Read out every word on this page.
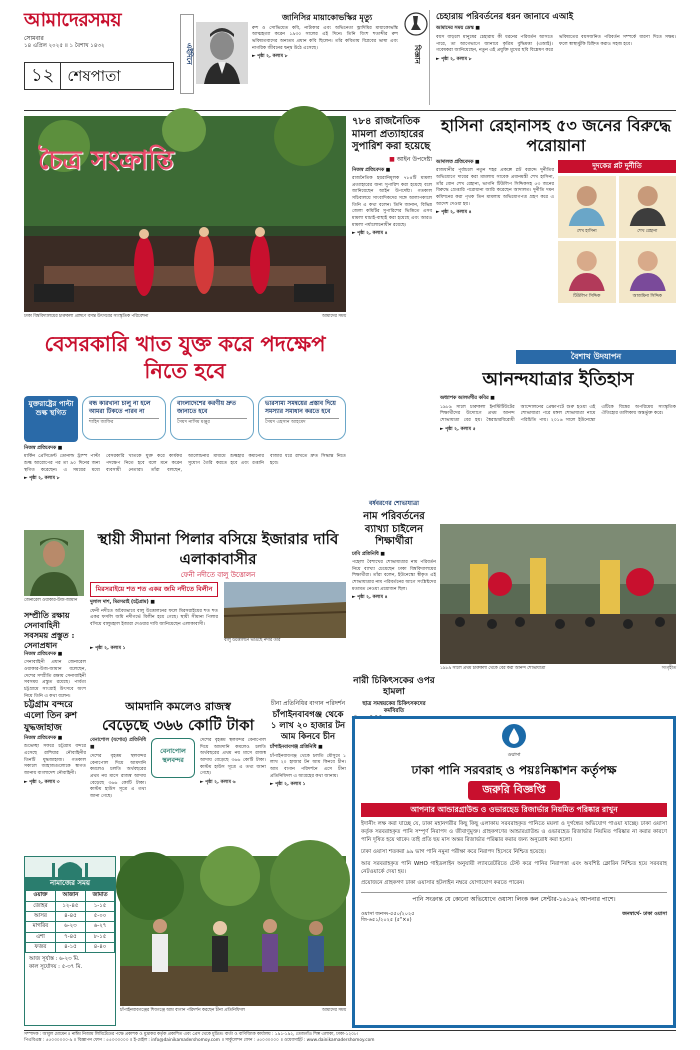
আমাদেরসময়
সোমবার
১৪ এপ্রিল ২০২৫ ॥ ১ বৈশাখ ১৪৩২
১২ শেষপাতা
এইদিনে
জানিসির মায়াকোভস্কির মৃত্যু
রুশ ও সোভিয়েত কবি, নাট্যকার এবং অভিনেতা ভ্লাদিমির মায়াকোভস্কি আত্মহত্যা করেন ১৯৩০ সালের এই দিনে। তিনি বিংশ শতাব্দীর রুশ ভবিষ্যতবাদের অন্যতম প্রধান কবি ছিলেন। তাঁর কবিতায় বিপ্লবের ভাষা এবং নাগরিক জীবনের দ্বন্দ্ব উঠে এসেছে।
► পৃষ্ঠা ২, কলাম ৮	বিজ্ঞান
চেহারায় পরিবর্তনের ধরন জানাবে এআই
আমাদের সময় ডেস্ক ■
বয়স বাড়লে মানুষের চেহারায় কী ধরনের পরিবর্তন আসতে পারে, তা আগেভাগে জানাবে কৃত্রিম বুদ্ধিমত্তা (এআই)। গবেষকরা জানিয়েছেন, নতুন এই প্রযুক্তি মুখের ছবি বিশ্লেষণ করে ভবিষ্যতের বয়সজনিত পরিবর্তন সম্পর্কে ধারণা দিতে সক্ষম। ফলে স্বাস্থ্যঝুঁকি চিহ্নিত করাও সহজ হবে।
► পৃষ্ঠা ২, কলাম ৮
চৈত্র সংক্রান্তি
ঢাকা বিশ্ববিদ্যালয়ের চারুকলা প্রাঙ্গণে বসন্ত উৎসবের সাংস্কৃতিক পরিবেশনা	আমাদের সময়
৭৮৪ রাজনৈতিক মামলা প্রত্যাহারের সুপারিশ করা হয়েছে
■ আইন উপদেষ্টা
নিজস্ব প্রতিবেদক ■
রাজনৈতিক হয়রানিমূলক ৭৮৪টি মামলা প্রত্যাহারের জন্য সুপারিশ করা হয়েছে বলে জানিয়েছেন আইন উপদেষ্টা। গতকাল সচিবালয়ে সাংবাদিকদের সঙ্গে আলাপকালে তিনি এ কথা বলেন। তিনি জানান, বিভিন্ন জেলা কমিটির সুপারিশের ভিত্তিতে এসব মামলা যাচাই-বাছাই করা হয়েছে এবং আরও মামলা পর্যালোচনাধীন রয়েছে।
► পৃষ্ঠা ২, কলাম ৪
হাসিনা রেহানাসহ ৫৩ জনের বিরুদ্ধে পরোয়ানা
আদালত প্রতিবেদক ■
রাজধানীর পূর্বাচলে নতুন শহর প্রকল্পে প্লট বরাদ্দে দুর্নীতির অভিযোগে দায়ের করা মামলায় সাবেক প্রধানমন্ত্রী শেখ হাসিনা, তাঁর বোন শেখ রেহানা, ভাগনি টিউলিপ সিদ্দিকসহ ৫৩ জনের বিরুদ্ধে গ্রেপ্তারি পরোয়ানা জারি করেছেন আদালত। দুর্নীতি দমন কমিশনের করা পৃথক তিন মামলায় অভিযোগপত্র গ্রহণ করে এ আদেশ দেওয়া হয়।
► পৃষ্ঠা ২, কলাম ৪
দুদকের প্লট দুর্নীতি
শেখ হাসিনা	শেখ রেহানা
টিউলিপ সিদ্দিক	আজমিনা সিদ্দিক
বেসরকারি খাত যুক্ত করে পদক্ষেপ নিতে হবে
যুক্তরাষ্ট্রের পাল্টা শুল্ক স্থগিত
বন্ধ কারখানা চালু না হলে আমরা টিকতে পারব না
শাহিদ জাফির
বাংলাদেশের করণীয় দ্রুত জানাতে হবে
সৈয়দ নাসিম মঞ্জুর
ভারসাম্য সমন্বয়ের প্রস্তাব দিয়ে সমস্যার সমাধান করতে হবে
সৈয়দ এহসান আহমেদ
নিজস্ব প্রতিবেদক ■
মার্কিন প্রেসিডেন্ট ডোনাল্ড ট্রাম্প পাল্টা শুল্ক আরোপের পর তা ৯০ দিনের জন্য স্থগিত করেছেন। এ সময়ের মধ্যে বেসরকারি খাতকে যুক্ত করে কার্যকর পদক্ষেপ নিতে হবে বলে মনে করেন ব্যবসায়ী নেতারা। তাঁরা বলছেন, আলোচনার মাধ্যমে শুল্কহার কমানোর সুযোগ তৈরি করতে হবে এবং রপ্তানি বাজার ধরে রাখতে দ্রুত সিদ্ধান্ত নিতে হবে।
► পৃষ্ঠা ২, কলাম ৮
বর্ষবরণের শোভাযাত্রা
নাম পরিবর্তনের ব্যাখ্যা চাইলেন শিক্ষার্থীরা
ঢাবি প্রতিনিধি ■
পহেলা বৈশাখের শোভাযাত্রার নাম পরিবর্তন নিয়ে ব্যাখ্যা চেয়েছেন ঢাকা বিশ্ববিদ্যালয়ের শিক্ষার্থীরা। তাঁরা বলেন, ইউনেস্কো স্বীকৃত এই শোভাযাত্রার নাম পরিবর্তনের আগে সংশ্লিষ্টদের মতামত নেওয়া প্রয়োজন ছিল।
► পৃষ্ঠা ২, কলাম ৪
বৈশাখ উদযাপন
আনন্দযাত্রার ইতিহাস
অধ্যাপক আলমগীর কবির ■
১৯৮৯ সালে চারুকলা ইনস্টিটিউটের শিক্ষার্থীদের উদ্যোগে প্রথম আনন্দ শোভাযাত্রা বের হয়। স্বৈরাচারবিরোধী আন্দোলনের প্রেক্ষাপটে শুরু হওয়া এই শোভাযাত্রা পরে মঙ্গল শোভাযাত্রা নামে পরিচিতি পায়। ২০১৬ সালে ইউনেস্কো এটিকে বিশ্বের অপরিমেয় সাংস্কৃতিক ঐতিহ্যের তালিকায় অন্তর্ভুক্ত করে।
► পৃষ্ঠা ২, কলাম ৫
১৯৮৯ সালে প্রথম চারুকলা থেকে বের করা আনন্দ শোভাযাত্রা	সংগৃহীত
জেনারেল ওয়াকার-উজ-জামান
সম্প্রীতি রক্ষায় সেনাবাহিনী সবসময় প্রস্তুত : সেনাপ্রধান
নিজস্ব প্রতিবেদক ■
সেনাবাহিনী প্রধান জেনারেল ওয়াকার-উজ-জামান বলেছেন, দেশের সম্প্রীতি রক্ষায় সেনাবাহিনী সবসময় প্রস্তুত রয়েছে। পার্বত্য চট্টগ্রামে সাংগ্রাই উৎসবে অংশ নিয়ে তিনি এ কথা বলেন।
স্থায়ী সীমানা পিলার বসিয়ে ইজারার দাবি এলাকাবাসীর
ফেনী নদীতে বালু উত্তোলন
মিরসরাইয়ে শত শত একর জমি নদীতে বিলীন
দুলাল দাশ, মিরসরাই (চট্টগ্রাম) ■
ফেনী নদীতে অবৈধভাবে বালু উত্তোলনের ফলে মিরসরাইয়ের শত শত একর ফসলি জমি নদীগর্ভে বিলীন হয়ে গেছে। স্থায়ী সীমানা পিলার বসিয়ে বালুমহাল ইজারা দেওয়ার দাবি জানিয়েছেন এলাকাবাসী।
বালু উত্তোলনে ভাঙছে নদীর তীর
► পৃষ্ঠা ২, কলাম ১
নারী চিকিৎসকের ওপর হামলা
ছাত্র সমন্বয়কের চিকিৎসকদের কর্মবিরতি
চট্টগ্রাম বন্দরে এলো তিন রুশ যুদ্ধজাহাজ
নিজস্ব প্রতিবেদক ■
শুভেচ্ছা সফরে চট্টগ্রাম বন্দরে এসেছে রাশিয়ার নৌবাহিনীর তিনটি যুদ্ধজাহাজ। গতকাল সকালে জাহাজগুলোকে স্বাগত জানায় বাংলাদেশ নৌবাহিনী।
► পৃষ্ঠা ২, কলাম ৩
আমদানি কমলেও রাজস্ব
বেড়েছে ৩৬৬ কোটি টাকা
বেনাপোল (যশোর) প্রতিনিধি ■
দেশের বৃহত্তম স্থলবন্দর বেনাপোল দিয়ে আমদানি কমলেও চলতি অর্থবছরের প্রথম নয় মাসে রাজস্ব আদায় বেড়েছে ৩৬৬ কোটি টাকা। কাস্টম হাউস সূত্রে এ তথ্য জানা গেছে।
বেনাপোল স্থলবন্দর
দেশের বৃহত্তম স্থলবন্দর বেনাপোল দিয়ে আমদানি কমলেও চলতি অর্থবছরের প্রথম নয় মাসে রাজস্ব আদায় বেড়েছে ৩৬৬ কোটি টাকা। কাস্টম হাউস সূত্রে এ তথ্য জানা গেছে।
► পৃষ্ঠা ২, কলাম ৬
চীনা প্রতিনিধির বাগান পরিদর্শন
চাঁপাইনবাবগঞ্জ থেকে ১ লাখ ২০ হাজার টন আম কিনবে চীন
চাঁপাইনবাবগঞ্জ প্রতিনিধি ■
চাঁপাইনবাবগঞ্জ থেকে চলতি মৌসুমে ১ লাখ ২০ হাজার টন আম কিনবে চীন। আম বাগান পরিদর্শনে এসে চীনা প্রতিনিধিদল এ আগ্রহের কথা জানায়।
► পৃষ্ঠা ২, কলাম ১
নামাজের সময়
ওয়াক্ত	আজান	জামাত
জোহর	১২-৪৫	১-১৫
আসর	৪-৪৫	৫-০০
মাগরিব	৬-২৩	৬-২৭
এশা	৭-৪৫	৮-১৫
ফজর	৪-১৫	৪-৪০
আজ সূর্যাস্ত : ৬-২৩ মি.
কাল সূর্যোদয় : ৫-৩৭ মি.
চাঁপাইনবাবগঞ্জের শিবগঞ্জে আম বাগান পরিদর্শন করছেন চীনা প্রতিনিধিদল	আমাদের সময়
ওয়াসা
ঢাকা পানি সরবরাহ ও পয়ঃনিষ্কাশন কর্তৃপক্ষ
জরুরি বিজ্ঞপ্তি
আপনার আন্ডারগ্রাউন্ড ও ওভারহেড রিজার্ভার নিয়মিত পরিষ্কার রাখুন
ইদানীং লক্ষ করা যাচ্ছে যে, ঢাকা মহানগরীর কিছু কিছু এলাকায় সরবরাহকৃত পানিতে ময়লা ও দুর্গন্ধের অভিযোগ পাওয়া যাচ্ছে। ঢাকা ওয়াসা কর্তৃক সরবরাহকৃত পানি সম্পূর্ণ নিরাপদ ও জীবাণুমুক্ত। গ্রাহকগণের আন্ডারগ্রাউন্ড ও ওভারহেড রিজার্ভার নিয়মিত পরিষ্কার না করার কারণে পানি দূষিত হয়ে থাকে। তাই প্রতি ছয় মাস অন্তর রিজার্ভার পরিষ্কার করার জন্য অনুরোধ করা হলো।
ঢাকা ওয়াসা শতকরা ৯৯ ভাগ পানি নমুনা পরীক্ষা করে নিরাপদ হিসেবে নিশ্চিত হয়েছে।
আর সরবরাহকৃত পানি WHO গাইডলাইন অনুযায়ী ল্যাবরেটরিতে টেস্ট করে পানির নিরাপত্তা এবং অবশিষ্ট ক্লোরিন নিশ্চিত হয়ে সরবরাহ নেটওয়ার্কে দেয়া হয়।
প্রয়োজনে গ্রাহকগণ ঢাকা ওয়াসার হটলাইন নম্বরে যোগাযোগ করতে পারেন।
পানি সংক্রান্ত যে কোনো অভিযোগে ওয়াসা লিংক কল সেন্টার-১৬১৬২ আপনার পাশে।
ওয়াসা জনসং-৫৫০/২০২৫
জি-৬৫১/২০২৫ (৫"×৪)
জনস্বার্থে- ঢাকা ওয়াসা
সম্পাদক : আবুল মোমেন ॥ নাঈম নিজাম লিমিটেডের পক্ষে প্রকাশক ও মুদ্রাকর কর্তৃক প্রকাশিত এবং প্রেস থেকে মুদ্রিত। বার্তা ও বাণিজ্যিক কার্যালয় : ১৯১-১৯২, তেজগাঁও শিল্প এলাকা, ঢাকা-১২০৮।
পিএবিএক্স : ৫৫০৩০০০০-৯ ॥ বিজ্ঞাপন ফোন : ৫৫০৩০০০০ ॥ ই-মেইল : info@dainikamadershomoy.com ॥ সার্কুলেশন ফোন : ৫৫০৩০০০০ ॥ ওয়েবসাইট : www.dainikamadershomoy.com
